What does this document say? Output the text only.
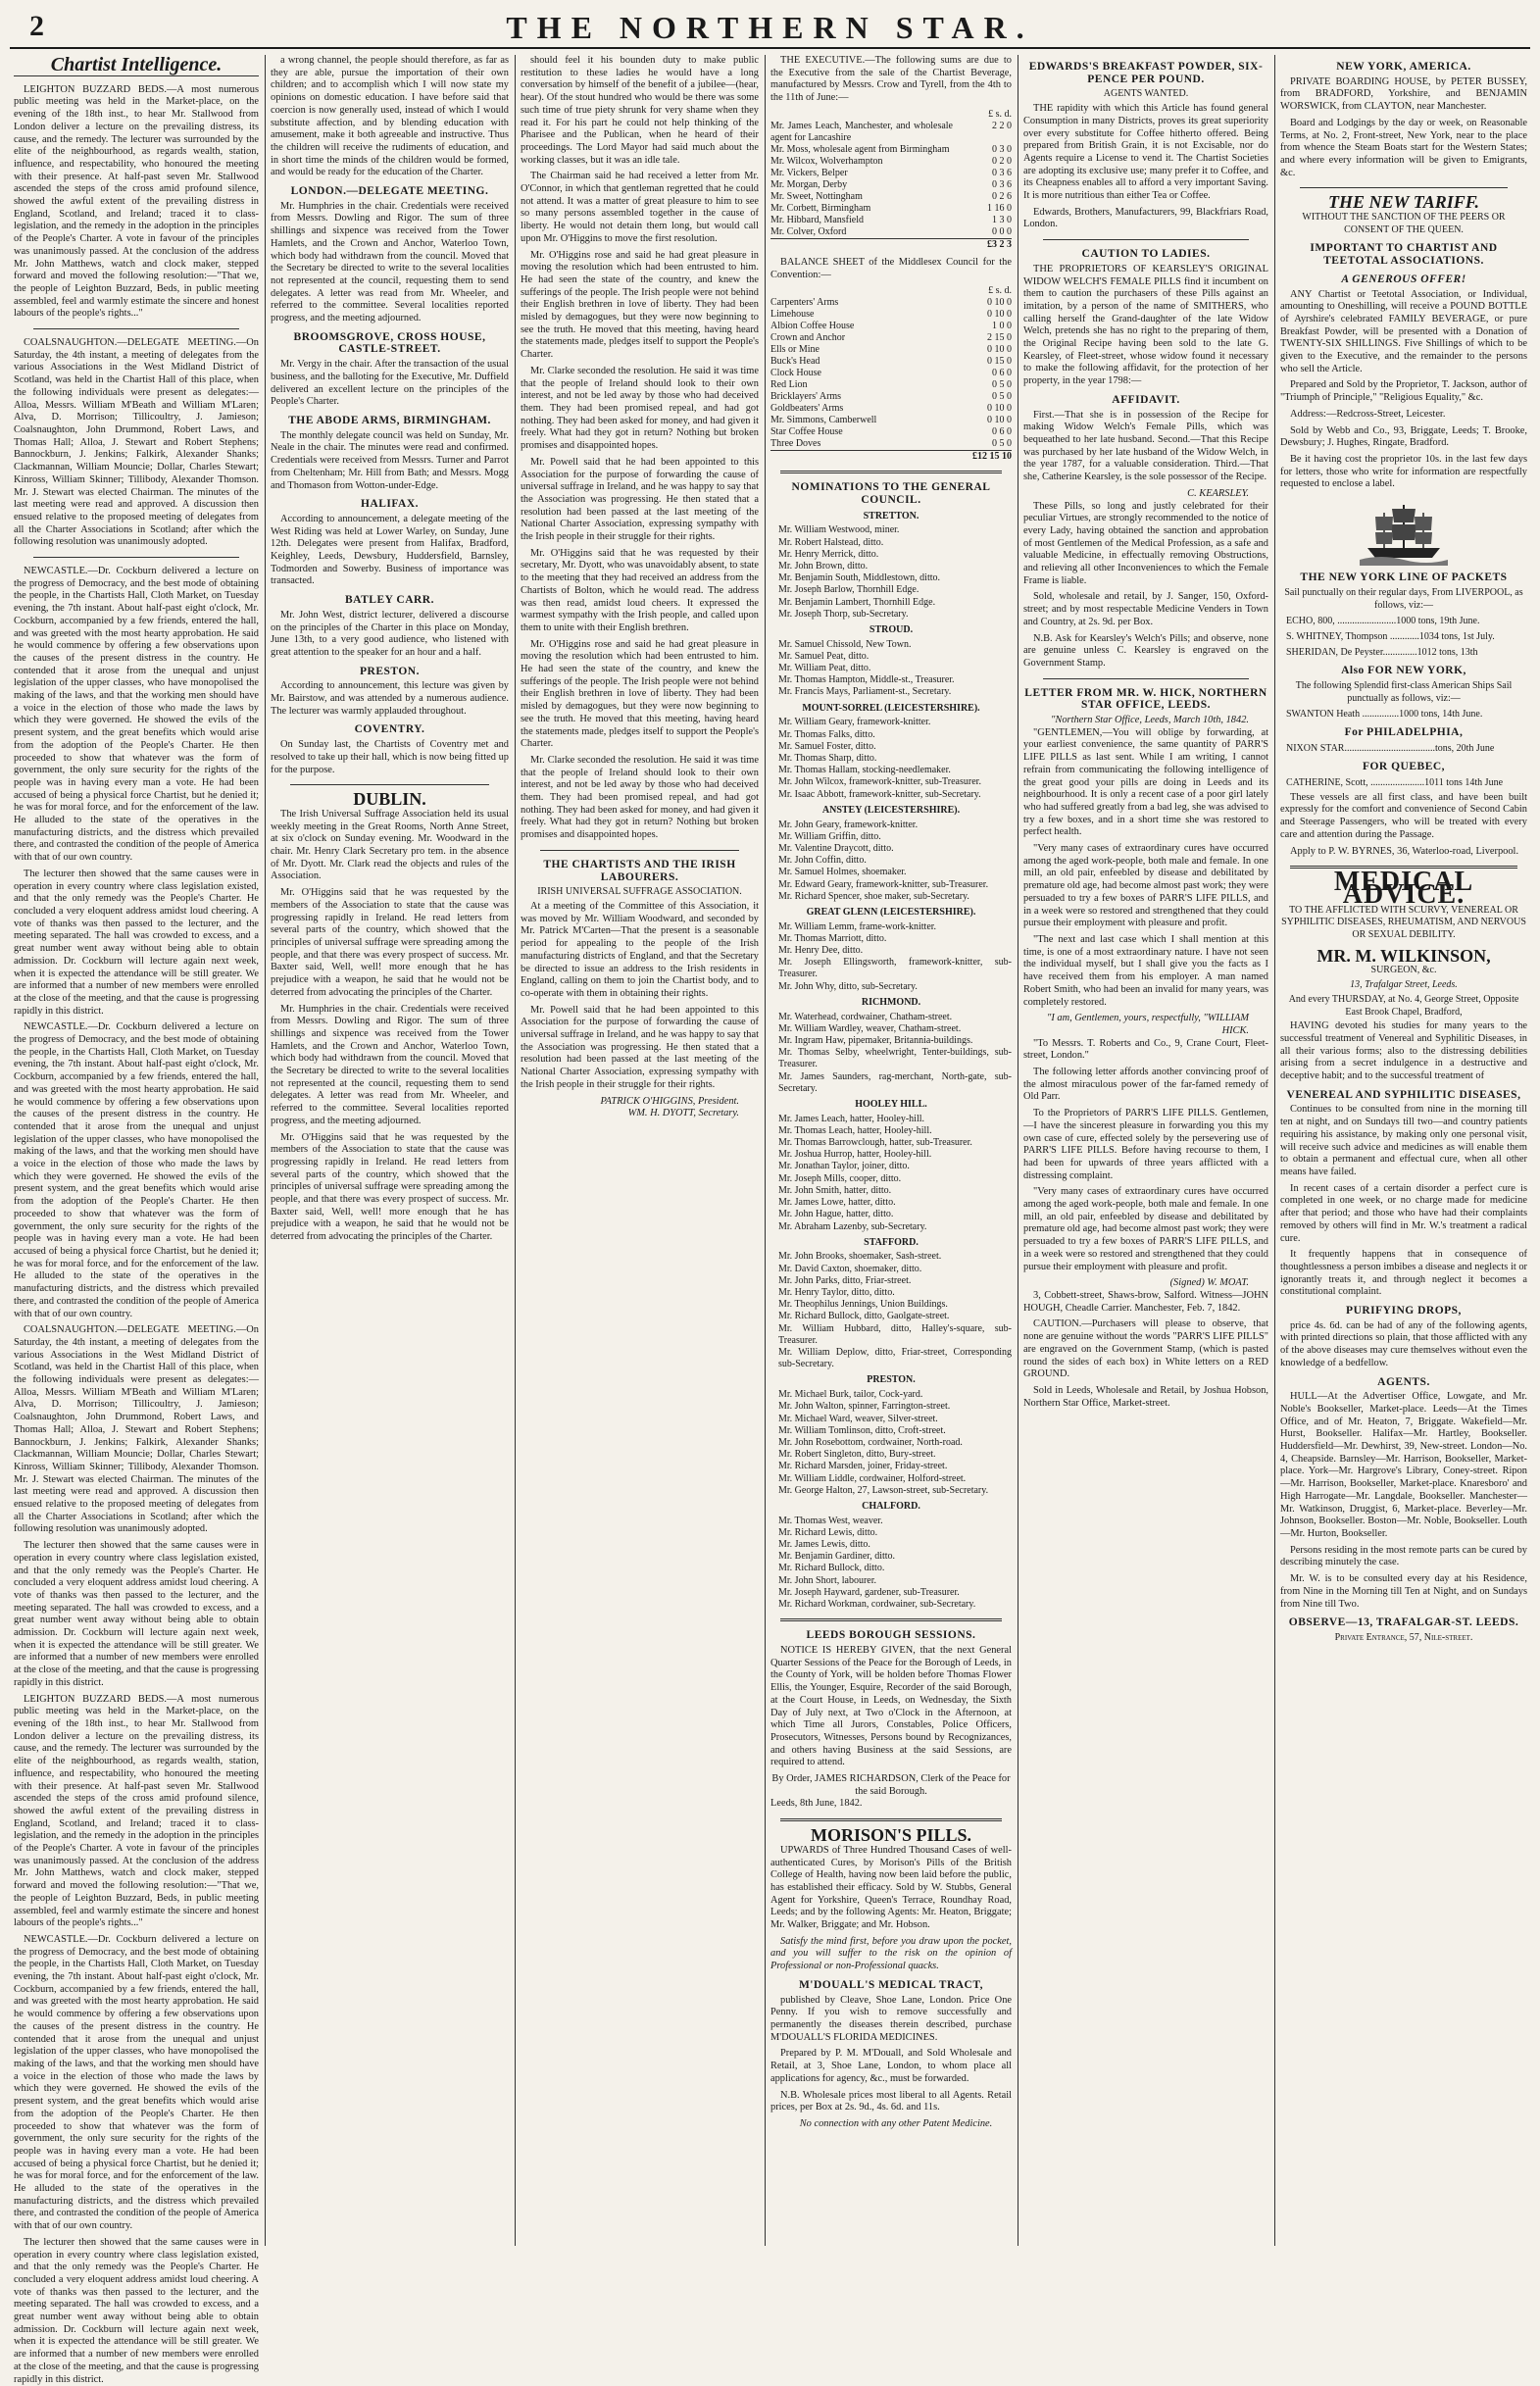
2	THE NORTHERN STAR.
Chartist Intelligence.

LEIGHTON BUZZARD BEDS.—A most numerous public meeting was held in the Market-place, on the evening of the 18th inst., to hear Mr. Stallwood from London deliver a lecture on the prevailing distress, its cause, and the remedy. The lecturer was surrounded by the elite of the neighbourhood, as regards wealth, station, influence, and respectability, who honoured the meeting with their presence. At half-past seven Mr. Stallwood ascended the steps of the cross amid profound silence, showed the awful extent of the prevailing distress in England, Scotland, and Ireland; traced it to class-legislation, and the remedy in the adoption in the principles of the People's Charter. A vote in favour of the principles was unanimously passed. At the conclusion of the address Mr. John Matthews, watch and clock maker, stepped forward and moved the following resolution:—"That we, the people of Leighton Buzzard, Beds, in public meeting assembled, feel and warmly estimate the sincere and honest labours of the people's rights..."

COALSNAUGHTON.—DELEGATE MEETING.—On Saturday, the 4th instant, a meeting of delegates from the various Associations in the West Midland District of Scotland, was held in the Chartist Hall of this place, when the following individuals were present as delegates:—Alloa, Messrs. William M'Beath and William M'Laren; Alva, D. Morrison; Tillicoultry, J. Jamieson; Coalsnaughton, John Drummond, Robert Laws, and Thomas Hall; Alloa, J. Stewart and Robert Stephens; Bannockburn, J. Jenkins; Falkirk, Alexander Shanks; Clackmannan, William Mouncie; Dollar, Charles Stewart; Kinross, William Skinner; Tillibody, Alexander Thomson. Mr. J. Stewart was elected Chairman. The minutes of the last meeting were read and approved. A discussion then ensued relative to the proposed meeting of delegates from all the Charter Associations in Scotland; after which the following resolution was unanimously adopted.

NEWCASTLE.—Dr. Cockburn delivered a lecture on the progress of Democracy, and the best mode of obtaining the people, in the Chartists Hall, Cloth Market, on Tuesday evening, the 7th instant. About half-past eight o'clock, Mr. Cockburn, accompanied by a few friends, entered the hall, and was greeted with the most hearty approbation. He said he would commence by offering a few observations upon the causes of the present distress in the country. He contended that it arose from the unequal and unjust legislation of the upper classes, who have monopolised the making of the laws, and that the working men should have a voice in the election of those who made the laws by which they were governed. He showed the evils of the present system, and the great benefits which would arise from the adoption of the People's Charter. He then proceeded to show that whatever was the form of government, the only sure security for the rights of the people was in having every man a vote. He had been accused of being a physical force Chartist, but he denied it; he was for moral force, and for the enforcement of the law. He alluded to the state of the operatives in the manufacturing districts, and the distress which prevailed there, and contrasted the condition of the people of America with that of our own country.

The lecturer then showed that the same causes were in operation in every country where class legislation existed, and that the only remedy was the People's Charter. He concluded a very eloquent address amidst loud cheering. A vote of thanks was then passed to the lecturer, and the meeting separated. The hall was crowded to excess, and a great number went away without being able to obtain admission. Dr. Cockburn will lecture again next week, when it is expected the attendance will be still greater. We are informed that a number of new members were enrolled at the close of the meeting, and that the cause is progressing rapidly in this district.

NEWCASTLE.—Dr. Cockburn delivered a lecture on the progress of Democracy, and the best mode of obtaining the people, in the Chartists Hall, Cloth Market, on Tuesday evening, the 7th instant. About half-past eight o'clock, Mr. Cockburn, accompanied by a few friends, entered the hall, and was greeted with the most hearty approbation. He said he would commence by offering a few observations upon the causes of the present distress in the country. He contended that it arose from the unequal and unjust legislation of the upper classes, who have monopolised the making of the laws, and that the working men should have a voice in the election of those who made the laws by which they were governed. He showed the evils of the present system, and the great benefits which would arise from the adoption of the People's Charter. He then proceeded to show that whatever was the form of government, the only sure security for the rights of the people was in having every man a vote. He had been accused of being a physical force Chartist, but he denied it; he was for moral force, and for the enforcement of the law. He alluded to the state of the operatives in the manufacturing districts, and the distress which prevailed there, and contrasted the condition of the people of America with that of our own country.

COALSNAUGHTON.—DELEGATE MEETING.—On Saturday, the 4th instant, a meeting of delegates from the various Associations in the West Midland District of Scotland, was held in the Chartist Hall of this place, when the following individuals were present as delegates:—Alloa, Messrs. William M'Beath and William M'Laren; Alva, D. Morrison; Tillicoultry, J. Jamieson; Coalsnaughton, John Drummond, Robert Laws, and Thomas Hall; Alloa, J. Stewart and Robert Stephens; Bannockburn, J. Jenkins; Falkirk, Alexander Shanks; Clackmannan, William Mouncie; Dollar, Charles Stewart; Kinross, William Skinner; Tillibody, Alexander Thomson. Mr. J. Stewart was elected Chairman. The minutes of the last meeting were read and approved. A discussion then ensued relative to the proposed meeting of delegates from all the Charter Associations in Scotland; after which the following resolution was unanimously adopted.

The lecturer then showed that the same causes were in operation in every country where class legislation existed, and that the only remedy was the People's Charter. He concluded a very eloquent address amidst loud cheering. A vote of thanks was then passed to the lecturer, and the meeting separated. The hall was crowded to excess, and a great number went away without being able to obtain admission. Dr. Cockburn will lecture again next week, when it is expected the attendance will be still greater. We are informed that a number of new members were enrolled at the close of the meeting, and that the cause is progressing rapidly in this district.

LEIGHTON BUZZARD BEDS.—A most numerous public meeting was held in the Market-place, on the evening of the 18th inst., to hear Mr. Stallwood from London deliver a lecture on the prevailing distress, its cause, and the remedy. The lecturer was surrounded by the elite of the neighbourhood, as regards wealth, station, influence, and respectability, who honoured the meeting with their presence. At half-past seven Mr. Stallwood ascended the steps of the cross amid profound silence, showed the awful extent of the prevailing distress in England, Scotland, and Ireland; traced it to class-legislation, and the remedy in the adoption in the principles of the People's Charter. A vote in favour of the principles was unanimously passed. At the conclusion of the address Mr. John Matthews, watch and clock maker, stepped forward and moved the following resolution:—"That we, the people of Leighton Buzzard, Beds, in public meeting assembled, feel and warmly estimate the sincere and honest labours of the people's rights..."

NEWCASTLE.—Dr. Cockburn delivered a lecture on the progress of Democracy, and the best mode of obtaining the people, in the Chartists Hall, Cloth Market, on Tuesday evening, the 7th instant. About half-past eight o'clock, Mr. Cockburn, accompanied by a few friends, entered the hall, and was greeted with the most hearty approbation. He said he would commence by offering a few observations upon the causes of the present distress in the country. He contended that it arose from the unequal and unjust legislation of the upper classes, who have monopolised the making of the laws, and that the working men should have a voice in the election of those who made the laws by which they were governed. He showed the evils of the present system, and the great benefits which would arise from the adoption of the People's Charter. He then proceeded to show that whatever was the form of government, the only sure security for the rights of the people was in having every man a vote. He had been accused of being a physical force Chartist, but he denied it; he was for moral force, and for the enforcement of the law. He alluded to the state of the operatives in the manufacturing districts, and the distress which prevailed there, and contrasted the condition of the people of America with that of our own country.

The lecturer then showed that the same causes were in operation in every country where class legislation existed, and that the only remedy was the People's Charter. He concluded a very eloquent address amidst loud cheering. A vote of thanks was then passed to the lecturer, and the meeting separated. The hall was crowded to excess, and a great number went away without being able to obtain admission. Dr. Cockburn will lecture again next week, when it is expected the attendance will be still greater. We are informed that a number of new members were enrolled at the close of the meeting, and that the cause is progressing rapidly in this district.

a wrong channel, the people should therefore, as far as they are able, pursue the importation of their own children; and to accomplish which I will now state my opinions on domestic education. I have before said that coercion is now generally used, instead of which I would substitute affection, and by blending education with amusement, make it both agreeable and instructive. Thus the children will receive the rudiments of education, and in short time the minds of the children would be formed, and would be ready for the education of the Charter.

LONDON.—DELEGATE MEETING.

Mr. Humphries in the chair. Credentials were received from Messrs. Dowling and Rigor. The sum of three shillings and sixpence was received from the Tower Hamlets, and the Crown and Anchor, Waterloo Town, which body had withdrawn from the council. Moved that the Secretary be directed to write to the several localities not represented at the council, requesting them to send delegates. A letter was read from Mr. Wheeler, and referred to the committee. Several localities reported progress, and the meeting adjourned.

BROOMSGROVE, CROSS HOUSE, CASTLE-STREET.

Mr. Vergy in the chair. After the transaction of the usual business, and the balloting for the Executive, Mr. Duffield delivered an excellent lecture on the principles of the People's Charter.

THE ABODE ARMS, BIRMINGHAM.

The monthly delegate council was held on Sunday, Mr. Neale in the chair. The minutes were read and confirmed. Credentials were received from Messrs. Turner and Parrot from Cheltenham; Mr. Hill from Bath; and Messrs. Mogg and Thomason from Wotton-under-Edge.

HALIFAX.

According to announcement, a delegate meeting of the West Riding was held at Lower Warley, on Sunday, June 12th. Delegates were present from Halifax, Bradford, Keighley, Leeds, Dewsbury, Huddersfield, Barnsley, Todmorden and Sowerby. Business of importance was transacted.

BATLEY CARR.

Mr. John West, district lecturer, delivered a discourse on the principles of the Charter in this place on Monday, June 13th, to a very good audience, who listened with great attention to the speaker for an hour and a half.

PRESTON.

According to announcement, this lecture was given by Mr. Bairstow, and was attended by a numerous audience. The lecturer was warmly applauded throughout.

COVENTRY.

On Sunday last, the Chartists of Coventry met and resolved to take up their hall, which is now being fitted up for the purpose.

DUBLIN.

The Irish Universal Suffrage Association held its usual weekly meeting in the Great Rooms, North Anne Street, at six o'clock on Sunday evening. Mr. Woodward in the chair. Mr. Henry Clark Secretary pro tem. in the absence of Mr. Dyott. Mr. Clark read the objects and rules of the Association.

Mr. O'Higgins said that he was requested by the members of the Association to state that the cause was progressing rapidly in Ireland. He read letters from several parts of the country, which showed that the principles of universal suffrage were spreading among the people, and that there was every prospect of success. Mr. Baxter said, Well, well! more enough that he has prejudice with a weapon, he said that he would not be deterred from advocating the principles of the Charter.

Mr. Humphries in the chair. Credentials were received from Messrs. Dowling and Rigor. The sum of three shillings and sixpence was received from the Tower Hamlets, and the Crown and Anchor, Waterloo Town, which body had withdrawn from the council. Moved that the Secretary be directed to write to the several localities not represented at the council, requesting them to send delegates. A letter was read from Mr. Wheeler, and referred to the committee. Several localities reported progress, and the meeting adjourned.

Mr. O'Higgins said that he was requested by the members of the Association to state that the cause was progressing rapidly in Ireland. He read letters from several parts of the country, which showed that the principles of universal suffrage were spreading among the people, and that there was every prospect of success. Mr. Baxter said, Well, well! more enough that he has prejudice with a weapon, he said that he would not be deterred from advocating the principles of the Charter.

should feel it his bounden duty to make public restitution to these ladies he would have a long conversation by himself of the benefit of a jubilee—(hear, hear). Of the stout hundred who would be there was some such time of true piety shrunk for very shame when they read it. For his part he could not help thinking of the Pharisee and the Publican, when he heard of their proceedings. The Lord Mayor had said much about the working classes, but it was an idle tale.

The Chairman said he had received a letter from Mr. O'Connor, in which that gentleman regretted that he could not attend. It was a matter of great pleasure to him to see so many persons assembled together in the cause of liberty. He would not detain them long, but would call upon Mr. O'Higgins to move the first resolution.

Mr. O'Higgins rose and said he had great pleasure in moving the resolution which had been entrusted to him. He had seen the state of the country, and knew the sufferings of the people. The Irish people were not behind their English brethren in love of liberty. They had been misled by demagogues, but they were now beginning to see the truth. He moved that this meeting, having heard the statements made, pledges itself to support the People's Charter.

Mr. Clarke seconded the resolution. He said it was time that the people of Ireland should look to their own interest, and not be led away by those who had deceived them. They had been promised repeal, and had got nothing. They had been asked for money, and had given it freely. What had they got in return? Nothing but broken promises and disappointed hopes.

Mr. Powell said that he had been appointed to this Association for the purpose of forwarding the cause of universal suffrage in Ireland, and he was happy to say that the Association was progressing. He then stated that a resolution had been passed at the last meeting of the National Charter Association, expressing sympathy with the Irish people in their struggle for their rights.

Mr. O'Higgins said that he was requested by their secretary, Mr. Dyott, who was unavoidably absent, to state to the meeting that they had received an address from the Chartists of Bolton, which he would read. The address was then read, amidst loud cheers. It expressed the warmest sympathy with the Irish people, and called upon them to unite with their English brethren.

Mr. O'Higgins rose and said he had great pleasure in moving the resolution which had been entrusted to him. He had seen the state of the country, and knew the sufferings of the people. The Irish people were not behind their English brethren in love of liberty. They had been misled by demagogues, but they were now beginning to see the truth. He moved that this meeting, having heard the statements made, pledges itself to support the People's Charter.

Mr. Clarke seconded the resolution. He said it was time that the people of Ireland should look to their own interest, and not be led away by those who had deceived them. They had been promised repeal, and had got nothing. They had been asked for money, and had given it freely. What had they got in return? Nothing but broken promises and disappointed hopes.

THE CHARTISTS AND THE IRISH LABOURERS.
IRISH UNIVERSAL SUFFRAGE ASSOCIATION.

At a meeting of the Committee of this Association, it was moved by Mr. William Woodward, and seconded by Mr. Patrick M'Carten—That the present is a seasonable period for appealing to the people of the Irish manufacturing districts of England, and that the Secretary be directed to issue an address to the Irish residents in England, calling on them to join the Chartist body, and to co-operate with them in obtaining their rights.

Mr. Powell said that he had been appointed to this Association for the purpose of forwarding the cause of universal suffrage in Ireland, and he was happy to say that the Association was progressing. He then stated that a resolution had been passed at the last meeting of the National Charter Association, expressing sympathy with the Irish people in their struggle for their rights.

PATRICK O'HIGGINS, President.
WM. H. DYOTT, Secretary.

THE EXECUTIVE.—The following sums are due to the Executive from the sale of the Chartist Beverage, manufactured by Messrs. Crow and Tyrell, from the 4th to the 11th of June:—

	£ s. d.
Mr. James Leach, Manchester, and wholesale agent for Lancashire	2 2 0
Mr. Moss, wholesale agent from Birmingham	0 3 0
Mr. Wilcox, Wolverhampton	0 2 0
Mr. Vickers, Belper	0 3 6
Mr. Morgan, Derby	0 3 6
Mr. Sweet, Nottingham	0 2 6
Mr. Corbett, Birmingham	1 16 0
Mr. Hibbard, Mansfield	1 3 0
Mr. Colver, Oxford	0 0 0
	£3 2 3

BALANCE SHEET of the Middlesex Council for the Convention:—

	£ s. d.
Carpenters' Arms	0 10 0
Limehouse	0 10 0
Albion Coffee House	1 0 0
Crown and Anchor	2 15 0
Ells or Mine	0 10 0
Buck's Head	0 15 0
Clock House	0 6 0
Red Lion	0 5 0
Bricklayers' Arms	0 5 0
Goldbeaters' Arms	0 10 0
Mr. Simmons, Camberwell	0 10 0
Star Coffee House	0 6 0
Three Doves	0 5 0
	£12 15 10
NOMINATIONS TO THE GENERAL COUNCIL.
STRETTON.
Mr. William Westwood, miner.
Mr. Robert Halstead, ditto.
Mr. Henry Merrick, ditto.
Mr. John Brown, ditto.
Mr. Benjamin South, Middlestown, ditto.
Mr. Joseph Barlow, Thornhill Edge.
Mr. Benjamin Lambert, Thornhill Edge.
Mr. Joseph Thorp, sub-Secretary.
STROUD.
Mr. Samuel Chissold, New Town.
Mr. Samuel Peat, ditto.
Mr. William Peat, ditto.
Mr. Thomas Hampton, Middle-st., Treasurer.
Mr. Francis Mays, Parliament-st., Secretary.
MOUNT-SORREL (LEICESTERSHIRE).
Mr. William Geary, framework-knitter.
Mr. Thomas Falks, ditto.
Mr. Samuel Foster, ditto.
Mr. Thomas Sharp, ditto.
Mr. Thomas Hallam, stocking-needlemaker.
Mr. John Wilcox, framework-knitter, sub-Treasurer.
Mr. Isaac Abbott, framework-knitter, sub-Secretary.
ANSTEY (LEICESTERSHIRE).
Mr. John Geary, framework-knitter.
Mr. William Griffin, ditto.
Mr. Valentine Draycott, ditto.
Mr. John Coffin, ditto.
Mr. Samuel Holmes, shoemaker.
Mr. Edward Geary, framework-knitter, sub-Treasurer.
Mr. Richard Spencer, shoe maker, sub-Secretary.
GREAT GLENN (LEICESTERSHIRE).
Mr. William Lemm, frame-work-knitter.
Mr. Thomas Marriott, ditto.
Mr. Henry Dee, ditto.
Mr. Joseph Ellingsworth, framework-knitter, sub-Treasurer.
Mr. John Why, ditto, sub-Secretary.
RICHMOND.
Mr. Waterhead, cordwainer, Chatham-street.
Mr. William Wardley, weaver, Chatham-street.
Mr. Ingram Haw, pipemaker, Britannia-buildings.
Mr. Thomas Selby, wheelwright, Tenter-buildings, sub-Treasurer.
Mr. James Saunders, rag-merchant, North-gate, sub-Secretary.
HOOLEY HILL.
Mr. James Leach, hatter, Hooley-hill.
Mr. Thomas Leach, hatter, Hooley-hill.
Mr. Thomas Barrowclough, hatter, sub-Treasurer.
Mr. Joshua Hurrop, hatter, Hooley-hill.
Mr. Jonathan Taylor, joiner, ditto.
Mr. Joseph Mills, cooper, ditto.
Mr. John Smith, hatter, ditto.
Mr. James Lowe, hatter, ditto.
Mr. John Hague, hatter, ditto.
Mr. Abraham Lazenby, sub-Secretary.
STAFFORD.
Mr. John Brooks, shoemaker, Sash-street.
Mr. David Caxton, shoemaker, ditto.
Mr. John Parks, ditto, Friar-street.
Mr. Henry Taylor, ditto, ditto.
Mr. Theophilus Jennings, Union Buildings.
Mr. Richard Bullock, ditto, Gaolgate-street.
Mr. William Hubbard, ditto, Halley's-square, sub-Treasurer.
Mr. William Deplow, ditto, Friar-street, Corresponding sub-Secretary.
PRESTON.
Mr. Michael Burk, tailor, Cock-yard.
Mr. John Walton, spinner, Farrington-street.
Mr. Michael Ward, weaver, Silver-street.
Mr. William Tomlinson, ditto, Croft-street.
Mr. John Rosebottom, cordwainer, North-road.
Mr. Robert Singleton, ditto, Bury-street.
Mr. Richard Marsden, joiner, Friday-street.
Mr. William Liddle, cordwainer, Holford-street.
Mr. George Halton, 27, Lawson-street, sub-Secretary.
CHALFORD.
Mr. Thomas West, weaver.
Mr. Richard Lewis, ditto.
Mr. James Lewis, ditto.
Mr. Benjamin Gardiner, ditto.
Mr. Richard Bullock, ditto.
Mr. John Short, labourer.
Mr. Joseph Hayward, gardener, sub-Treasurer.
Mr. Richard Workman, cordwainer, sub-Secretary.
LEEDS BOROUGH SESSIONS.

NOTICE IS HEREBY GIVEN, that the next General Quarter Sessions of the Peace for the Borough of Leeds, in the County of York, will be holden before Thomas Flower Ellis, the Younger, Esquire, Recorder of the said Borough, at the Court House, in Leeds, on Wednesday, the Sixth Day of July next, at Two o'Clock in the Afternoon, at which Time all Jurors, Constables, Police Officers, Prosecutors, Witnesses, Persons bound by Recognizances, and others having Business at the said Sessions, are required to attend.

By Order, JAMES RICHARDSON, Clerk of the Peace for the said Borough.
Leeds, 8th June, 1842.
MORISON'S PILLS.

UPWARDS of Three Hundred Thousand Cases of well-authenticated Cures, by Morison's Pills of the British College of Health, having now been laid before the public, has established their efficacy. Sold by W. Stubbs, General Agent for Yorkshire, Queen's Terrace, Roundhay Road, Leeds; and by the following Agents: Mr. Heaton, Briggate; Mr. Walker, Briggate; and Mr. Hobson.

Satisfy the mind first, before you draw upon the pocket, and you will suffer to the risk on the opinion of Professional or non-Professional quacks.

M'DOUALL'S MEDICAL TRACT,

published by Cleave, Shoe Lane, London. Price One Penny. If you wish to remove successfully and permanently the diseases therein described, purchase M'DOUALL'S FLORIDA MEDICINES.

Prepared by P. M. M'Douall, and Sold Wholesale and Retail, at 3, Shoe Lane, London, to whom place all applications for agency, &c., must be forwarded.

N.B. Wholesale prices most liberal to all Agents. Retail prices, per Box at 2s. 9d., 4s. 6d. and 11s.

No connection with any other Patent Medicine.

EDWARDS'S BREAKFAST POWDER, SIX-PENCE PER POUND.
AGENTS WANTED.

THE rapidity with which this Article has found general Consumption in many Districts, proves its great superiority over every substitute for Coffee hitherto offered. Being prepared from British Grain, it is not Excisable, nor do Agents require a License to vend it. The Chartist Societies are adopting its exclusive use; many prefer it to Coffee, and its Cheapness enables all to afford a very important Saving. It is more nutritious than either Tea or Coffee.

Edwards, Brothers, Manufacturers, 99, Blackfriars Road, London.

CAUTION TO LADIES.

THE PROPRIETORS OF KEARSLEY'S ORIGINAL WIDOW WELCH'S FEMALE PILLS find it incumbent on them to caution the purchasers of these Pills against an imitation, by a person of the name of SMITHERS, who calling herself the Grand-daughter of the late Widow Welch, pretends she has no right to the preparing of them, the Original Recipe having been sold to the late G. Kearsley, of Fleet-street, whose widow found it necessary to make the following affidavit, for the protection of her property, in the year 1798:—

AFFIDAVIT.

First.—That she is in possession of the Recipe for making Widow Welch's Female Pills, which was bequeathed to her late husband. Second.—That this Recipe was purchased by her late husband of the Widow Welch, in the year 1787, for a valuable consideration. Third.—That she, Catherine Kearsley, is the sole possessor of the Recipe.

C. KEARSLEY.

These Pills, so long and justly celebrated for their peculiar Virtues, are strongly recommended to the notice of every Lady, having obtained the sanction and approbation of most Gentlemen of the Medical Profession, as a safe and valuable Medicine, in effectually removing Obstructions, and relieving all other Inconveniences to which the Female Frame is liable.

Sold, wholesale and retail, by J. Sanger, 150, Oxford-street; and by most respectable Medicine Venders in Town and Country, at 2s. 9d. per Box.

N.B. Ask for Kearsley's Welch's Pills; and observe, none are genuine unless C. Kearsley is engraved on the Government Stamp.

LETTER FROM MR. W. HICK, NORTHERN STAR OFFICE, LEEDS.
"Northern Star Office, Leeds, March 10th, 1842.

"GENTLEMEN,—You will oblige by forwarding, at your earliest convenience, the same quantity of PARR'S LIFE PILLS as last sent. While I am writing, I cannot refrain from communicating the following intelligence of the great good your pills are doing in Leeds and its neighbourhood. It is only a recent case of a poor girl lately who had suffered greatly from a bad leg, she was advised to try a few boxes, and in a short time she was restored to perfect health.

"Very many cases of extraordinary cures have occurred among the aged work-people, both male and female. In one mill, an old pair, enfeebled by disease and debilitated by premature old age, had become almost past work; they were persuaded to try a few boxes of PARR'S LIFE PILLS, and in a week were so restored and strengthened that they could pursue their employment with pleasure and profit.

"The next and last case which I shall mention at this time, is one of a most extraordinary nature. I have not seen the individual myself, but I shall give you the facts as I have received them from his employer. A man named Robert Smith, who had been an invalid for many years, was completely restored.

"I am, Gentlemen, yours, respectfully, "WILLIAM HICK.

"To Messrs. T. Roberts and Co., 9, Crane Court, Fleet-street, London."

The following letter affords another convincing proof of the almost miraculous power of the far-famed remedy of Old Parr.

To the Proprietors of PARR'S LIFE PILLS. Gentlemen,—I have the sincerest pleasure in forwarding you this my own case of cure, effected solely by the persevering use of PARR'S LIFE PILLS. Before having recourse to them, I had been for upwards of three years afflicted with a distressing complaint.

"Very many cases of extraordinary cures have occurred among the aged work-people, both male and female. In one mill, an old pair, enfeebled by disease and debilitated by premature old age, had become almost past work; they were persuaded to try a few boxes of PARR'S LIFE PILLS, and in a week were so restored and strengthened that they could pursue their employment with pleasure and profit.

(Signed) W. MOAT.

3, Cobbett-street, Shaws-brow, Salford. Witness—JOHN HOUGH, Cheadle Carrier. Manchester, Feb. 7, 1842.

CAUTION.—Purchasers will please to observe, that none are genuine without the words "PARR'S LIFE PILLS" are engraved on the Government Stamp, (which is pasted round the sides of each box) in White letters on a RED GROUND.

Sold in Leeds, Wholesale and Retail, by Joshua Hobson, Northern Star Office, Market-street.

NEW YORK, AMERICA.

PRIVATE BOARDING HOUSE, by PETER BUSSEY, from BRADFORD, Yorkshire, and BENJAMIN WORSWICK, from CLAYTON, near Manchester.

Board and Lodgings by the day or week, on Reasonable Terms, at No. 2, Front-street, New York, near to the place from whence the Steam Boats start for the Western States; and where every information will be given to Emigrants, &c.

THE NEW TARIFF.
WITHOUT THE SANCTION OF THE PEERS OR CONSENT OF THE QUEEN.
IMPORTANT TO CHARTIST AND TEETOTAL ASSOCIATIONS.
A GENEROUS OFFER!

ANY Chartist or Teetotal Association, or Individual, amounting to Oneshilling, will receive a POUND BOTTLE of Ayrshire's celebrated FAMILY BEVERAGE, or pure Breakfast Powder, will be presented with a Donation of TWENTY-SIX SHILLINGS. Five Shillings of which to be given to the Executive, and the remainder to the persons who sell the Article.

Prepared and Sold by the Proprietor, T. Jackson, author of "Triumph of Principle," "Religious Equality," &c.

Address:—Redcross-Street, Leicester.

Sold by Webb and Co., 93, Briggate, Leeds; T. Brooke, Dewsbury; J. Hughes, Ringate, Bradford.

Be it having cost the proprietor 10s. in the last few days for letters, those who write for information are respectfully requested to enclose a label.

THE NEW YORK LINE OF PACKETS
Sail punctually on their regular days, From LIVERPOOL, as follows, viz:—
ECHO, 800, ........................1000 tons, 19th June.
S. WHITNEY, Thompson ............1034 tons, 1st July.
SHERIDAN, De Peyster..............1012 tons, 13th
Also FOR NEW YORK,
The following Splendid first-class American Ships Sail punctually as follows, viz:—
SWANTON Heath ...............1000 tons, 14th June.
For PHILADELPHIA,
NIXON STAR.....................................tons, 20th June
FOR QUEBEC,
CATHERINE, Scott, ......................1011 tons 14th June

These vessels are all first class, and have been built expressly for the comfort and convenience of Second Cabin and Steerage Passengers, who will be treated with every care and attention during the Passage.

Apply to P. W. BYRNES, 36, Waterloo-road, Liverpool.

MEDICAL ADVICE.
TO THE AFFLICTED WITH SCURVY, VENEREAL OR SYPHILITIC DISEASES, RHEUMATISM, AND NERVOUS OR SEXUAL DEBILITY.
MR. M. WILKINSON,
SURGEON, &c.
13, Trafalgar Street, Leeds.
And every THURSDAY, at No. 4, George Street, Opposite East Brook Chapel, Bradford,

HAVING devoted his studies for many years to the successful treatment of Venereal and Syphilitic Diseases, in all their various forms; also to the distressing debilities arising from a secret indulgence in a destructive and deceptive habit; and to the successful treatment of

VENEREAL AND SYPHILITIC DISEASES,

Continues to be consulted from nine in the morning till ten at night, and on Sundays till two—and country patients requiring his assistance, by making only one personal visit, will receive such advice and medicines as will enable them to obtain a permanent and effectual cure, when all other means have failed.

In recent cases of a certain disorder a perfect cure is completed in one week, or no charge made for medicine after that period; and those who have had their complaints removed by others will find in Mr. W.'s treatment a radical cure.

It frequently happens that in consequence of thoughtlessness a person imbibes a disease and neglects it or ignorantly treats it, and through neglect it becomes a constitutional complaint.

PURIFYING DROPS,

price 4s. 6d. can be had of any of the following agents, with printed directions so plain, that those afflicted with any of the above diseases may cure themselves without even the knowledge of a bedfellow.

AGENTS.

HULL—At the Advertiser Office, Lowgate, and Mr. Noble's Bookseller, Market-place. Leeds—At the Times Office, and of Mr. Heaton, 7, Briggate. Wakefield—Mr. Hurst, Bookseller. Halifax—Mr. Hartley, Bookseller. Huddersfield—Mr. Dewhirst, 39, New-street. London—No. 4, Cheapside. Barnsley—Mr. Harrison, Bookseller, Market-place. York—Mr. Hargrove's Library, Coney-street. Ripon—Mr. Harrison, Bookseller, Market-place. Knaresboro' and High Harrogate—Mr. Langdale, Bookseller. Manchester—Mr. Watkinson, Druggist, 6, Market-place. Beverley—Mr. Johnson, Bookseller. Boston—Mr. Noble, Bookseller. Louth—Mr. Hurton, Bookseller.

Persons residing in the most remote parts can be cured by describing minutely the case.

Mr. W. is to be consulted every day at his Residence, from Nine in the Morning till Ten at Night, and on Sundays from Nine till Two.

OBSERVE—13, TRAFALGAR-ST. LEEDS.
Private Entrance, 57, Nile-street.
